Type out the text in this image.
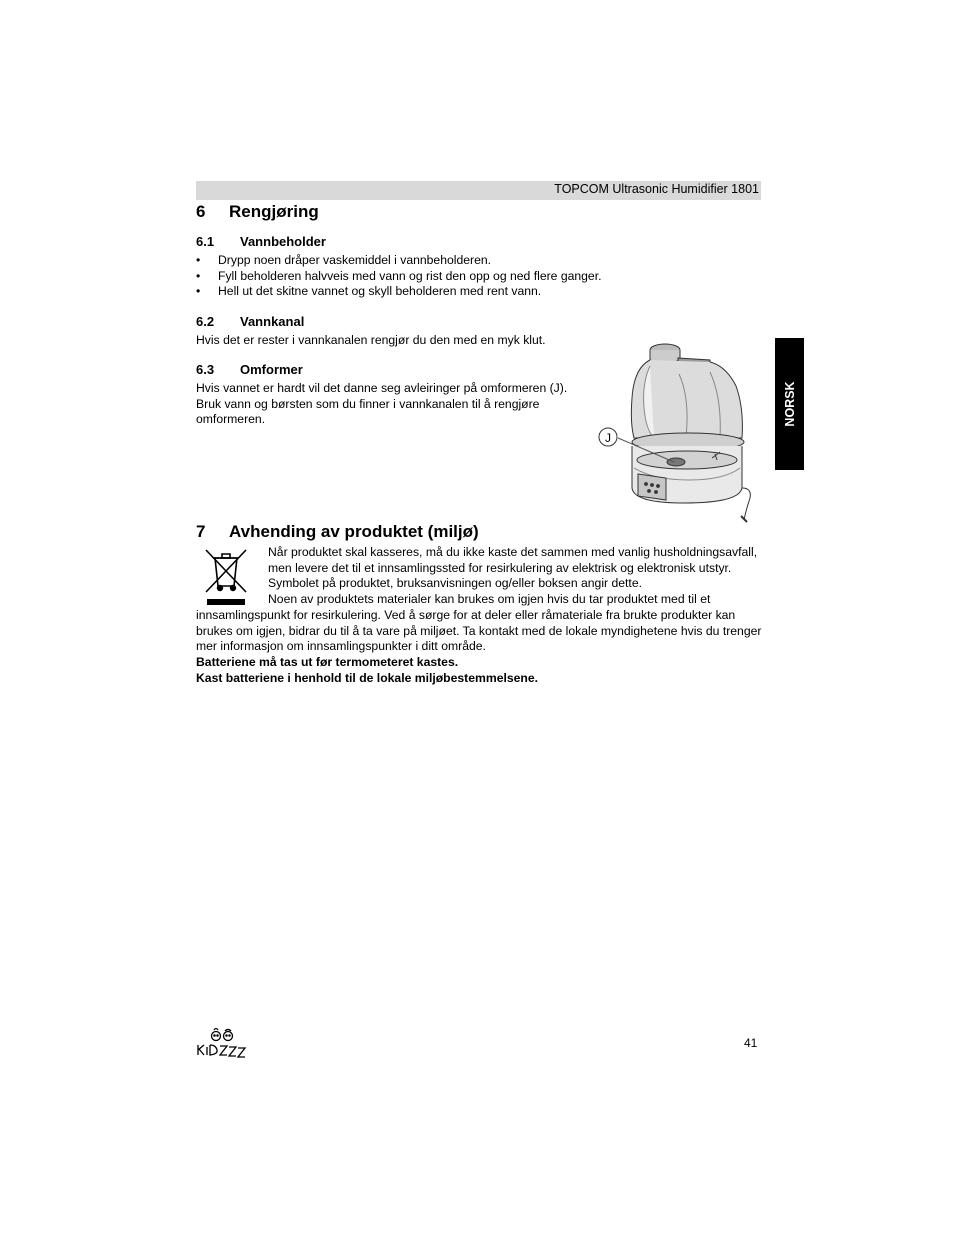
TOPCOM Ultrasonic Humidifier 1801
NORSK
6 Rengjøring
6.1 Vannbeholder
• Drypp noen dråper vaskemiddel i vannbeholderen.
• Fyll beholderen halvveis med vann og rist den opp og ned flere ganger.
• Hell ut det skitne vannet og skyll beholderen med rent vann.
6.2 Vannkanal
Hvis det er rester i vannkanalen rengjør du den med en myk klut.
6.3 Omformer
Hvis vannet er hardt vil det danne seg avleiringer på omformeren (J).
Bruk vann og børsten som du finner i vannkanalen til å rengjøre
omformeren.
J
7 Avhending av produktet (miljø)

Når produktet skal kasseres, må du ikke kaste det sammen med vanlig husholdningsavfall, men levere det til et innsamlingssted for resirkulering av elektrisk og elektronisk utstyr. Symbolet på produktet, bruksanvisningen og/eller boksen angir dette.

Noen av produktets materialer kan brukes om igjen hvis du tar produktet med til et innsamlingspunkt for resirkulering. Ved å sørge for at deler eller råmateriale fra brukte produkter kan brukes om igjen, bidrar du til å ta vare på miljøet. Ta kontakt med de lokale myndighetene hvis du trenger mer informasjon om innsamlingspunkter i ditt område.

Batteriene må tas ut før termometeret kastes.

Kast batteriene i henhold til de lokale miljøbestemmelsene.

41
